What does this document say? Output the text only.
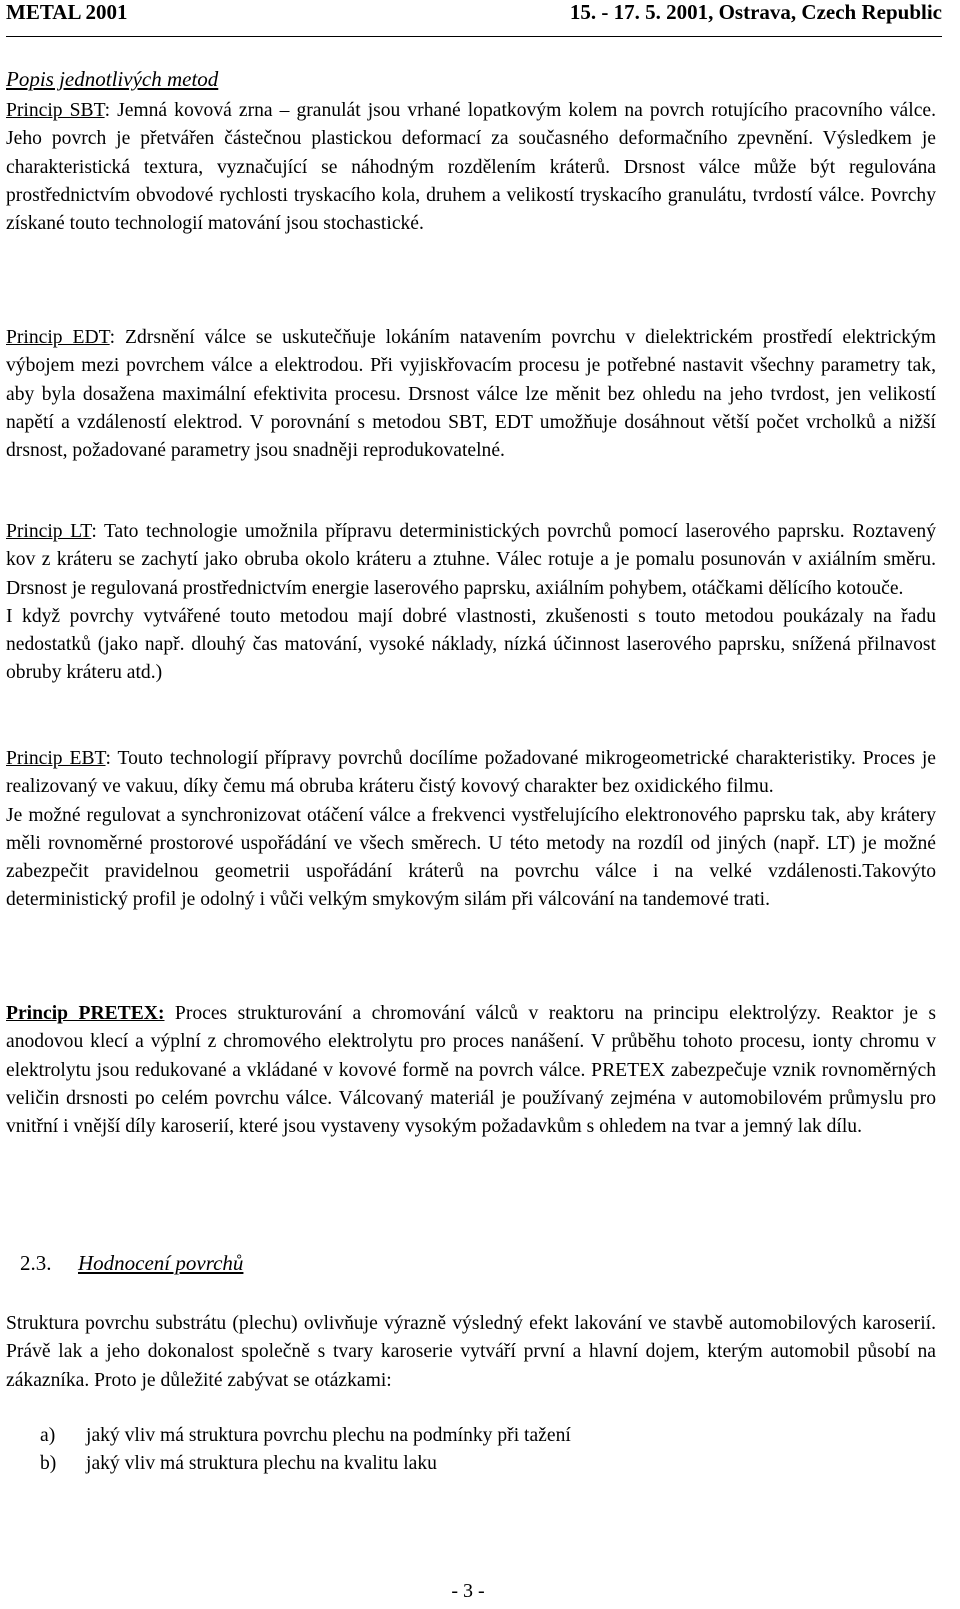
METAL 2001	15. - 17. 5. 2001, Ostrava, Czech Republic
Popis jednotlivých metod

Princip SBT: Jemná kovová zrna – granulát jsou vrhané lopatkovým kolem na povrch rotujícího pracovního válce. Jeho povrch je přetvářen částečnou plastickou deformací za současného deformačního zpevnění. Výsledkem je charakteristická textura, vyznačující se náhodným rozdělením kráterů. Drsnost válce může být regulována prostřednictvím obvodové rychlosti tryskacího kola, druhem a velikostí tryskacího granulátu, tvrdostí válce. Povrchy získané touto technologií matování jsou stochastické.

Princip EDT: Zdrsnění válce se uskutečňuje lokáním natavením povrchu v dielektrickém prostředí elektrickým výbojem mezi povrchem válce a elektrodou. Při vyjiskřovacím procesu je potřebné nastavit všechny parametry tak, aby byla dosažena maximální efektivita procesu. Drsnost válce lze měnit bez ohledu na jeho tvrdost, jen velikostí napětí a vzdáleností elektrod. V porovnání s metodou SBT, EDT umožňuje dosáhnout větší počet vrcholků a nižší drsnost, požadované parametry jsou snadněji reprodukovatelné.

Princip LT: Tato technologie umožnila přípravu deterministických povrchů pomocí laserového paprsku. Roztavený kov z kráteru se zachytí jako obruba okolo kráteru a ztuhne. Válec rotuje a je pomalu posunován v axiálním směru. Drsnost je regulovaná prostřednictvím energie laserového paprsku, axiálním pohybem, otáčkami dělícího kotouče.
I když povrchy vytvářené touto metodou mají dobré vlastnosti, zkušenosti s touto metodou poukázaly na řadu nedostatků (jako např. dlouhý čas matování, vysoké náklady, nízká účinnost laserového paprsku, snížená přilnavost obruby kráteru atd.)

Princip EBT: Touto technologií přípravy povrchů docílíme požadované mikrogeometrické charakteristiky. Proces je realizovaný ve vakuu, díky čemu má obruba kráteru čistý kovový charakter bez oxidického filmu.
Je možné regulovat a synchronizovat otáčení válce a frekvenci vystřelujícího elektronového paprsku tak, aby krátery měli rovnoměrné prostorové uspořádání ve všech směrech. U této metody na rozdíl od jiných (např. LT) je možné zabezpečit pravidelnou geometrii uspořádání kráterů na povrchu válce i na velké vzdálenosti.Takovýto deterministický profil je odolný i vůči velkým smykovým silám při válcování na tandemové trati.

Princip PRETEX: Proces strukturování a chromování válců v reaktoru na principu elektrolýzy. Reaktor je s anodovou klecí a výplní z chromového elektrolytu pro proces nanášení. V průběhu tohoto procesu, ionty chromu v elektrolytu jsou redukované a vkládané v kovové formě na povrch válce. PRETEX zabezpečuje vznik rovnoměrných veličin drsnosti po celém povrchu válce. Válcovaný materiál je používaný zejména v automobilovém průmyslu pro vnitřní i vnější díly karoserií, které jsou vystaveny vysokým požadavkům s ohledem na tvar a jemný lak dílu.

2.3. Hodnocení povrchů

Struktura povrchu substrátu (plechu) ovlivňuje výrazně výsledný efekt lakování ve stavbě automobilových karoserií. Právě lak a jeho dokonalost společně s tvary karoserie vytváří první a hlavní dojem, kterým automobil působí na zákazníka. Proto je důležité zabývat se otázkami:

a) jaký vliv má struktura povrchu plechu na podmínky při tažení
b) jaký vliv má struktura plechu na kvalitu laku
- 3 -
